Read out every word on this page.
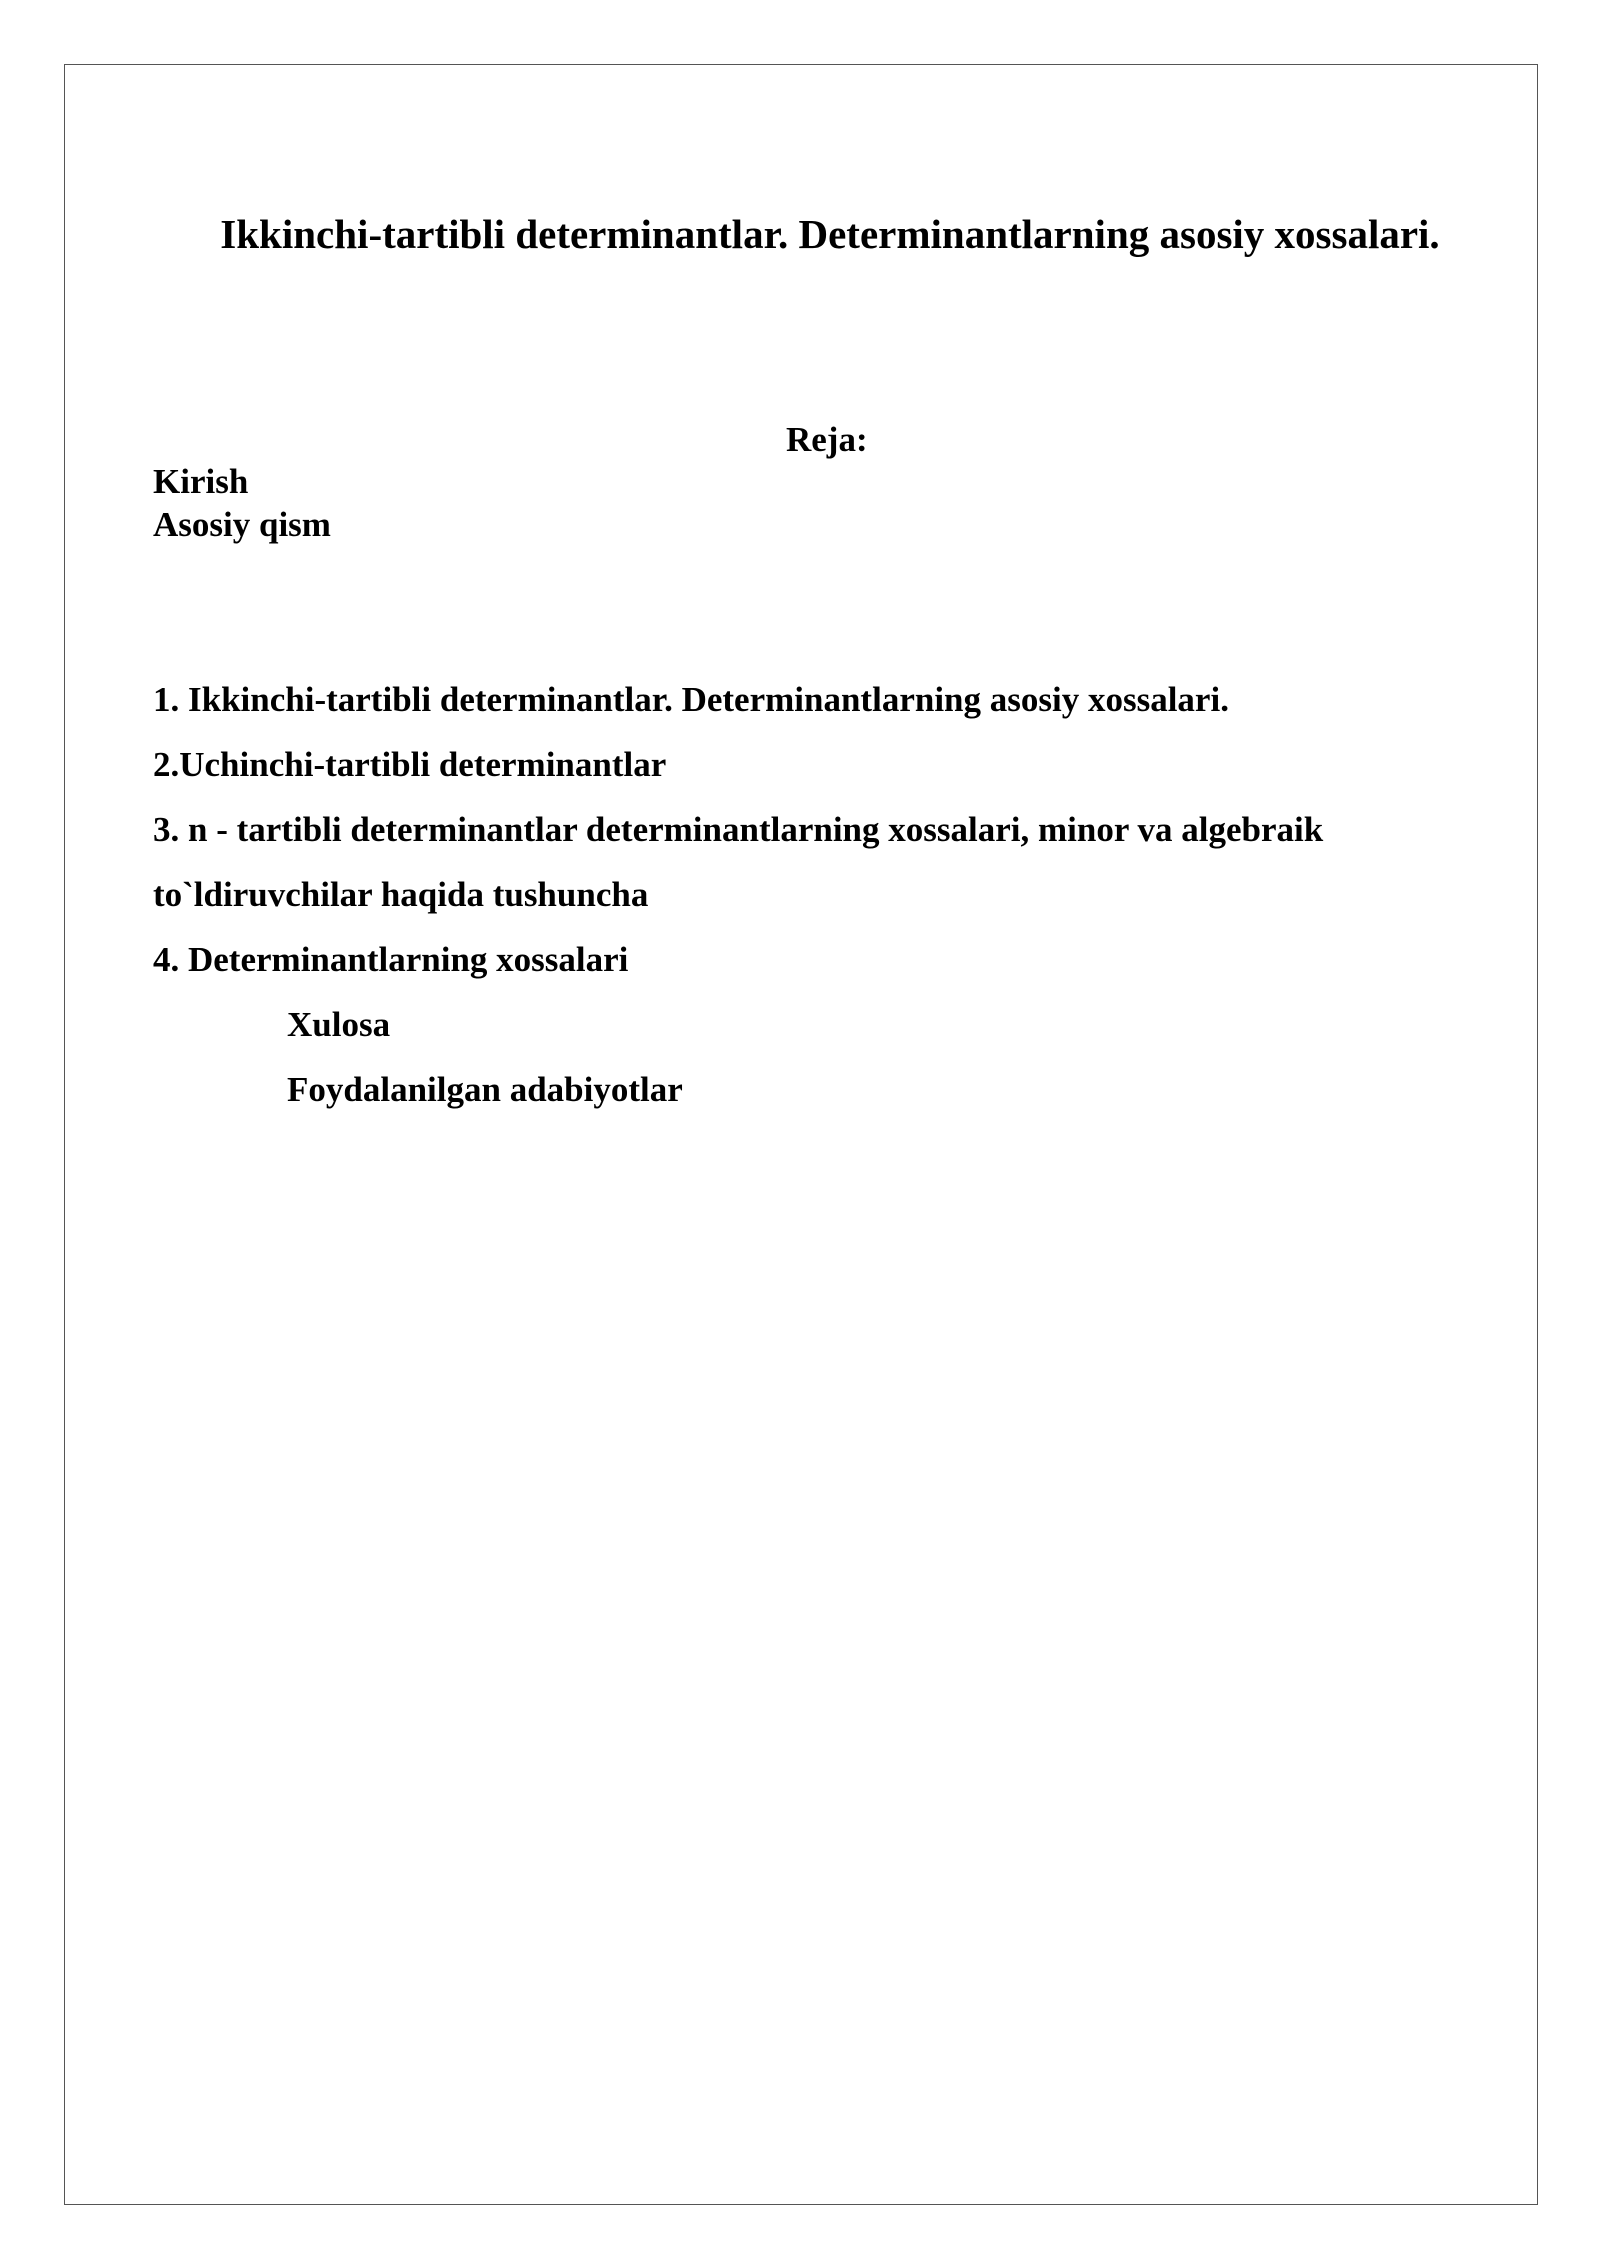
Ikkinchi-tartibli determinantlar. Determinantlarning asosiy xossalari.
Reja:
Kirish
Asosiy qism
1. Ikkinchi-tartibli determinantlar. Determinantlarning asosiy xossalari.
2.Uchinchi-tartibli determinantlar
3. n - tartibli determinantlar determinantlarning xossalari, minor va algebraik
to`ldiruvchilar haqida tushuncha
4. Determinantlarning xossalari
Xulosa
Foydalanilgan adabiyotlar
